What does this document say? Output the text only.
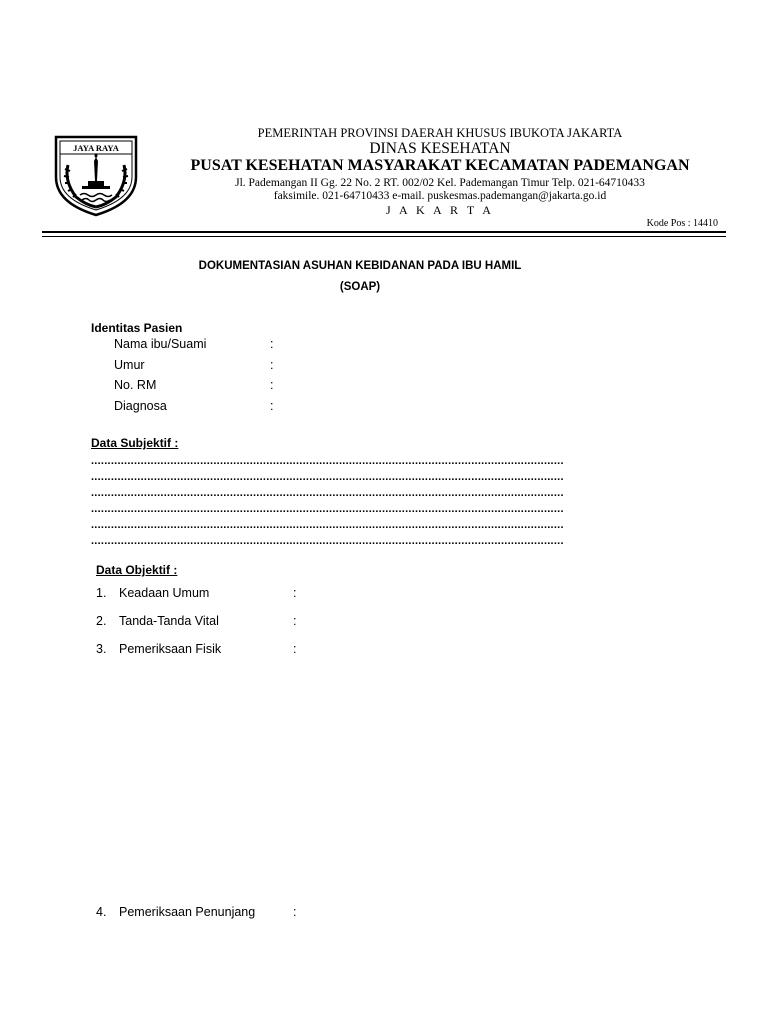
JAYA RAYA
PEMERINTAH PROVINSI DAERAH KHUSUS IBUKOTA JAKARTA
DINAS KESEHATAN
PUSAT KESEHATAN MASYARAKAT KECAMATAN PADEMANGAN
Jl. Pademangan II Gg. 22 No. 2 RT. 002/02 Kel. Pademangan Timur Telp. 021-64710433
faksimile. 021-64710433 e-mail. puskesmas.pademangan@jakarta.go.id
J A K A R T A
Kode Pos : 14410
DOKUMENTASIAN ASUHAN KEBIDANAN PADA IBU HAMIL
(SOAP)
Identitas Pasien
Nama ibu/Suami	:
Umur	:
No. RM	:
Diagnosa	:
Data Subjektif :
...............................................................................................................................................
...............................................................................................................................................
...............................................................................................................................................
...............................................................................................................................................
...............................................................................................................................................
...............................................................................................................................................
Data Objektif :
1. Keadaan Umum	:
2. Tanda-Tanda Vital	:
3. Pemeriksaan Fisik	:
4. Pemeriksaan Penunjang	:
